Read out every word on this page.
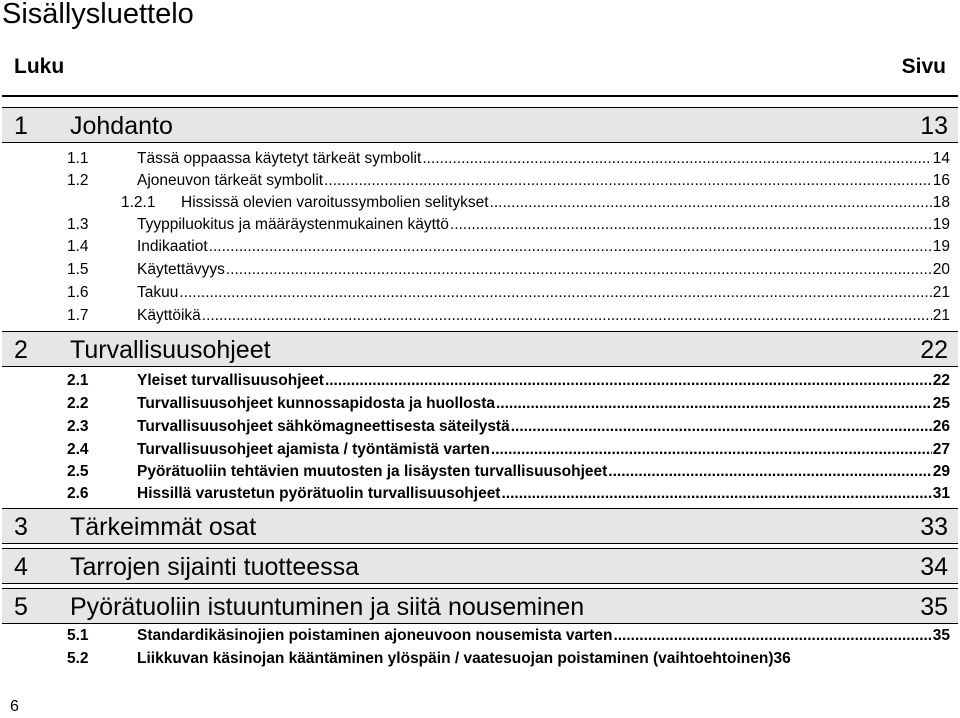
Sisällysluettelo
Luku	Sivu
1 Johdanto	13
1.1	Tässä oppaassa käytetyt tärkeät symbolit .....	14
1.2	Ajoneuvon tärkeät symbolit .....	16
1.2.1	Hississä olevien varoitussymbolien selitykset .....	18
1.3	Tyyppiluokitus ja määräystenmukainen käyttö .....	19
1.4	Indikaatiot .....	19
1.5	Käytettävyys .....	20
1.6	Takuu .....	21
1.7	Käyttöikä .....	21
2 Turvallisuusohjeet	22
2.1	Yleiset turvallisuusohjeet .....	22
2.2	Turvallisuusohjeet kunnossapidosta ja huollosta .....	25
2.3	Turvallisuusohjeet sähkömagneettisesta säteilystä .....	26
2.4	Turvallisuusohjeet ajamista / työntämistä varten .....	27
2.5	Pyörätuoliin tehtävien muutosten ja lisäysten turvallisuusohjeet .....	29
2.6	Hissillä varustetun pyörätuolin turvallisuusohjeet .....	31
3 Tärkeimmät osat	33
4 Tarrojen sijainti tuotteessa	34
5 Pyörätuoliin istuuntuminen ja siitä nouseminen	35
5.1	Standardikäsinojien poistaminen ajoneuvoon nousemista varten .....	35
5.2	Liikkuvan käsinojan kääntäminen ylöspäin / vaatesuojan poistaminen (vaihtoehtoinen) 36
6
